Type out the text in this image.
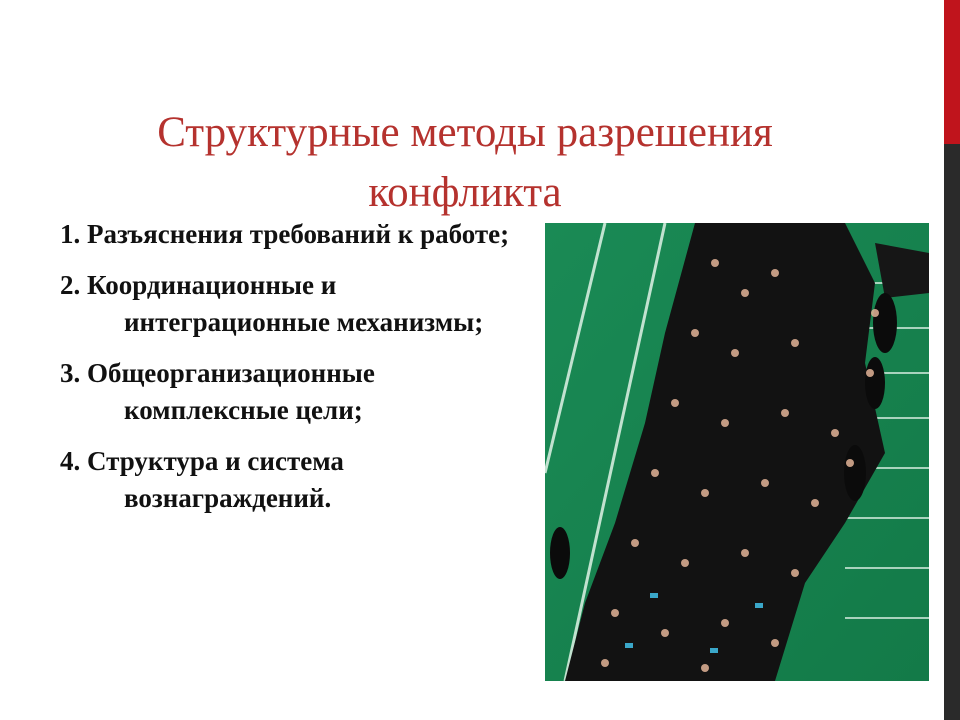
Структурные методы разрешения
конфликта
1. Разъяснения требований к работе;
2. Координационные и интеграционные механизмы;
3. Общеорганизационные комплексные цели;
4. Структура и система вознаграждений.
